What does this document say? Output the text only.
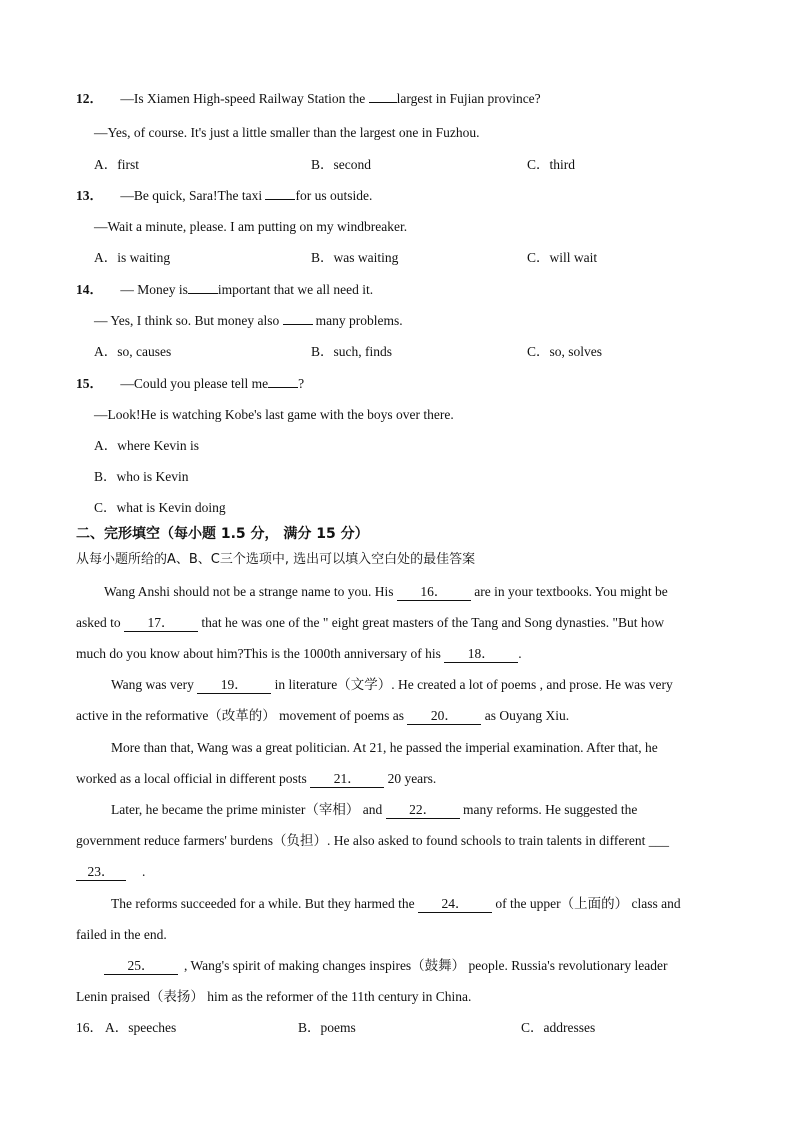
12． —Is Xiamen High-speed Railway Station the largest in Fujian province?
—Yes, of course. It's just a little smaller than the largest one in Fuzhou.
A．first	B．second	C．third
13． —Be quick, Sara!The taxi for us outside.
—Wait a minute, please. I am putting on my windbreaker.
A．is waiting	B．was waiting	C．will wait
14． — Money is important that we all need it.
— Yes, I think so. But money also many problems.
A．so, causes	B．such, finds	C．so, solves
15． —Could you please tell me ?
—Look!He is watching Kobe's last game with the boys over there.
A．where Kevin is
B．who is Kevin
C．what is Kevin doing
二、完形填空（每小题 1.5 分， 满分 15 分）
从每小题所给的A、B、C三个选项中, 选出可以填入空白处的最佳答案
Wang Anshi should not be a strange name to you. His 16． are in your textbooks. You might be
asked to 17． that he was one of the " eight great masters of the Tang and Song dynasties. "But how
much do you know about him?This is the 1000th anniversary of his 18． .
Wang was very 19． in literature（文学）. He created a lot of poems , and prose. He was very
active in the reformative（改革的） movement of poems as 20． as Ouyang Xiu.
More than that, Wang was a great politician. At 21, he passed the imperial examination. After that, he
worked as a local official in different posts 21． 20 years.
Later, he became the prime minister（宰相） and 22． many reforms. He suggested the
government reduce farmers' burdens（负担）. He also asked to found schools to train talents in different ___
23． .
The reforms succeeded for a while. But they harmed the 24． of the upper（上面的） class and
failed in the end.
25． , Wang's spirit of making changes inspires（鼓舞） people. Russia's revolutionary leader
Lenin praised（表扬） him as the reformer of the 11th century in China.
16． A．speeches	B．poems	C．addresses
